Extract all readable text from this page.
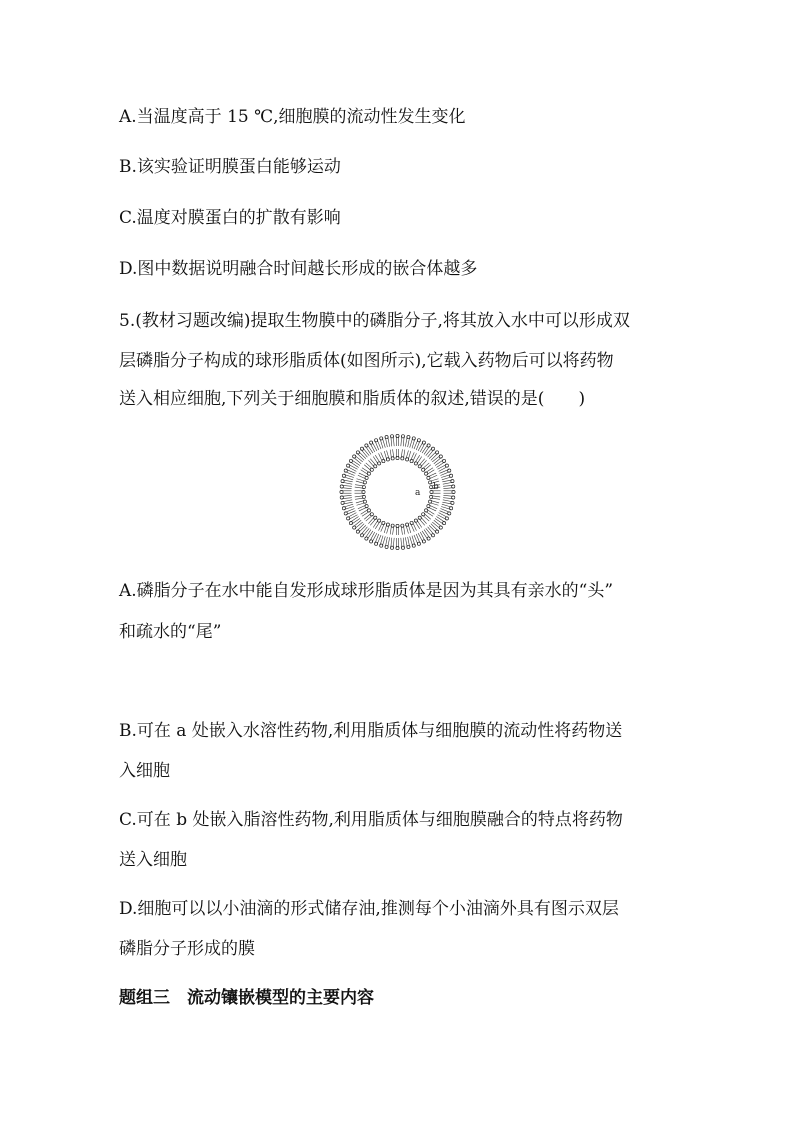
A.当温度高于 15 ℃,细胞膜的流动性发生变化
B.该实验证明膜蛋白能够运动
C.温度对膜蛋白的扩散有影响
D.图中数据说明融合时间越长形成的嵌合体越多
5.(教材习题改编)提取生物膜中的磷脂分子,将其放入水中可以形成双
层磷脂分子构成的球形脂质体(如图所示),它载入药物后可以将药物
送入相应细胞,下列关于细胞膜和脂质体的叙述,错误的是(　　)
a
b
A.磷脂分子在水中能自发形成球形脂质体是因为其具有亲水的“头”
和疏水的“尾”
B.可在 a 处嵌入水溶性药物,利用脂质体与细胞膜的流动性将药物送
入细胞
C.可在 b 处嵌入脂溶性药物,利用脂质体与细胞膜融合的特点将药物
送入细胞
D.细胞可以以小油滴的形式储存油,推测每个小油滴外具有图示双层
磷脂分子形成的膜
题组三　流动镶嵌模型的主要内容
